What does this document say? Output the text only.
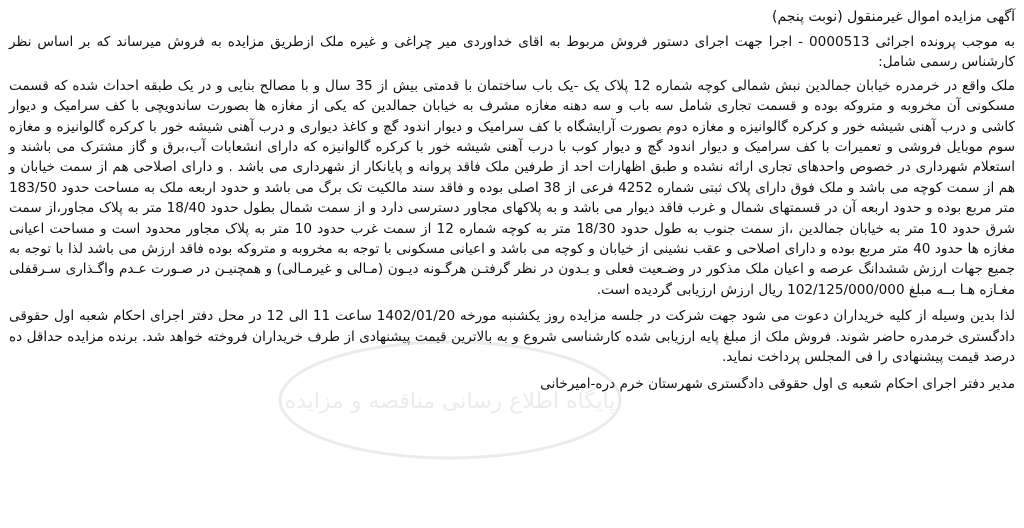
آگهی مزایده اموال غیرمنقول (نوبت پنجم)

به موجب پرونده اجرائی 0000513 - اجرا جهت اجرای دستور فروش مربوط به اقای خداوردی میر چراغی و غیره ملک ازطریق مزایده به فروش میرساند که بر اساس نظر کارشناس رسمی شامل:

ملک واقع در خرمدره خیابان جمالدین نبش شمالی کوچه شماره 12 پلاک یک -یک باب ساختمان با قدمتی بیش از 35 سال و با مصالح بنایی و در یک طبقه احداث شده که قسمت مسکونی آن مخروبه و متروکه بوده و قسمت تجاری شامل سه باب و سه دهنه مغازه مشرف به خیابان جمالدین که یکی از مغازه ها بصورت ساندویچی با کف سرامیک و دیوار کاشی و درب آهنی شیشه خور و کرکره گالوانیزه و مغازه دوم بصورت آرایشگاه با کف سرامیک و دیوار اندود گچ و کاغذ دیواری و درب آهنی شیشه خور با کرکره گالوانیزه و مغازه سوم موبایل فروشی و تعمیرات با کف سرامیک و دیوار اندود گچ و دیوار کوب با درب آهنی شیشه خور با کرکره گالوانیزه که دارای انشعابات آب،برق و گاز مشترک می باشند و استعلام شهرداری در خصوص واحدهای تجاری ارائه نشده و طبق اظهارات احد از طرفین ملک فاقد پروانه و پایانکار از شهرداری می باشد . و دارای اصلاحی هم از سمت خیابان و هم از سمت کوچه می باشد و ملک فوق دارای پلاک ثبتی شماره 4252 فرعی از 38 اصلی بوده و فاقد سند مالکیت تک برگ می باشد و حدود اربعه ملک به مساحت حدود 183/50 متر مربع بوده و حدود اربعه آن در قسمتهای شمال و غرب فاقد دیوار می باشد و به پلاکهای مجاور دسترسی دارد و از سمت شمال بطول حدود 18/40 متر به پلاک مجاور،از سمت شرق حدود 10 متر به خیابان جمالدین ،از سمت جنوب به طول حدود 18/30 متر به کوچه شماره 12 از سمت غرب حدود 10 متر به پلاک مجاور محدود است و مساحت اعیانی مغازه ها حدود 40 متر مربع بوده و دارای اصلاحی و عقب نشینی از خیابان و کوچه می باشد و اعیانی مسکونی با توجه به مخروبه و متروکه بوده فاقد ارزش می باشد لذا با توجه به جمیع جهات ارزش ششدانگ عرصه و اعیان ملک مذکور در وضـعیت فعلی و بـدون در نظر گرفتـن هرگـونه دیـون (مـالی و غیرمـالی) و همچنیـن در صـورت عـدم واگـذاری سـرقفلی مغـازه هـا بــه مبلغ 102/125/000/000 ریال ارزش ارزیابی گردیده است.

لذا بدین وسیله از کلیه خریداران دعوت می شود جهت شرکت در جلسه مزایده روز یکشنبه مورخه 1402/01/20 ساعت 11 الی 12 در محل دفتر اجرای احکام شعبه اول حقوقی دادگستری خرمدره حاضر شوند. فروش ملک از مبلغ پایه ارزیابی شده کارشناسی شروع و به بالاترین قیمت پیشنهادی از طرف خریداران فروخته خواهد شد. برنده مزایده حداقل ده درصد قیمت پیشنهادی را فی المجلس پرداخت نماید.

مدیر دفتر اجرای احکام شعبه ی اول حقوقی دادگستری شهرستان خرم دره-امیرخانی
پایگاه اطلاع رسانی مناقصه و مزایده
